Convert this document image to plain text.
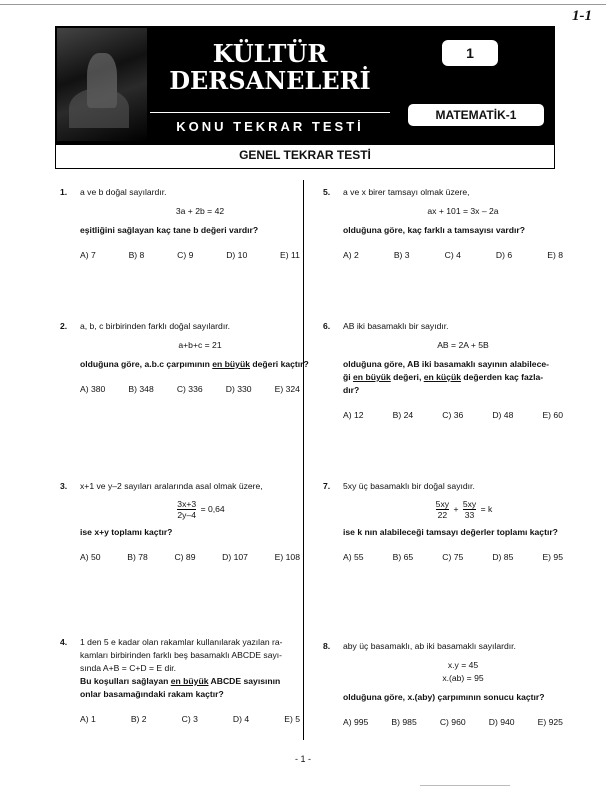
1-1
KÜLTÜR
DERSANELERİ
KONU TEKRAR TESTİ
1
MATEMATİK-1
GENEL TEKRAR TESTİ
1. a ve b doğal sayılardır.

3a + 2b = 42

eşitliğini sağlayan kaç tane b değeri vardır?

A) 7	B) 8	C) 9	D) 10	E) 11
2. a, b, c birbirinden farklı doğal sayılardır.

a+b+c = 21

olduğuna göre, a.b.c çarpımının en büyük değeri kaçtır?

A) 380	B) 348	C) 336	D) 330	E) 324
3. x+1 ve y–2 sayıları aralarında asal olmak üzere,

$\frac{3x+3}{2y-4} = 0,64$

ise x+y toplamı kaçtır?

A) 50	B) 78	C) 89	D) 107	E) 108
4. 1 den 5 e kadar olan rakamlar kullanılarak yazılan ra-

kamları birbirinden farklı beş basamaklı ABCDE sayı-

sında A+B = C+D = E dir.

Bu koşulları sağlayan en büyük ABCDE sayısının

onlar basamağındaki rakam kaçtır?

A) 1	B) 2	C) 3	D) 4	E) 5
5. a ve x birer tamsayı olmak üzere,

ax + 101 = 3x – 2a

olduğuna göre, kaç farklı a tamsayısı vardır?

A) 2	B) 3	C) 4	D) 6	E) 8
6. AB iki basamaklı bir sayıdır.

AB = 2A + 5B

olduğuna göre, AB iki basamaklı sayının alabilece-

ği en büyük değeri, en küçük değerden kaç fazla-

dır?

A) 12	B) 24	C) 36	D) 48	E) 60
7. 5xy üç basamaklı bir doğal sayıdır.

$\frac{5xy}{22} + \frac{5xy}{33} = k$

ise k nın alabileceği tamsayı değerler toplamı kaçtır?

A) 55	B) 65	C) 75	D) 85	E) 95
8. aby üç basamaklı, ab iki basamaklı sayılardır.

x.y = 45

x.(ab) = 95

olduğuna göre, x.(aby) çarpımının sonucu kaçtır?

A) 995	B) 985	C) 960	D) 940	E) 925
- 1 -
